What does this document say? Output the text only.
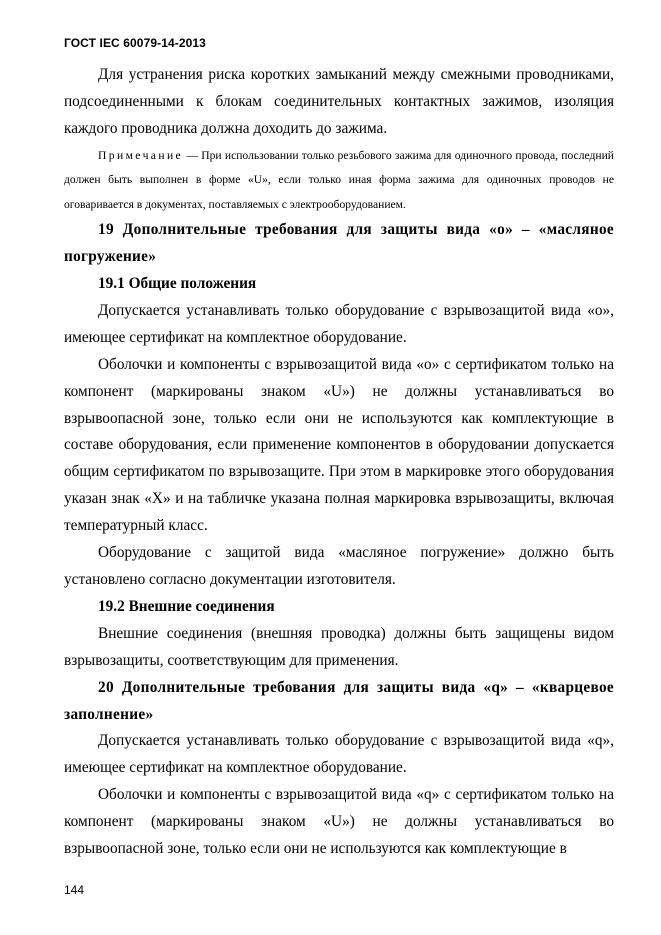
ГОСТ IEC 60079-14-2013

Для устранения риска коротких замыканий между смежными проводниками, подсоединенными к блокам соединительных контактных зажимов, изоляция каждого проводника должна доходить до зажима.

Примечание — При использовании только резьбового зажима для одиночного провода, последний должен быть выполнен в форме «U», если только иная форма зажима для одиночных проводов не оговаривается в документах, поставляемых с электрооборудованием.

19 Дополнительные требования для защиты вида «о» – «масляное погружение»

19.1 Общие положения

Допускается устанавливать только оборудование с взрывозащитой вида «о», имеющее сертификат на комплектное оборудование.

Оболочки и компоненты с взрывозащитой вида «о» с сертификатом только на компонент (маркированы знаком «U») не должны устанавливаться во взрывоопасной зоне, только если они не используются как комплектующие в составе оборудования, если применение компонентов в оборудовании допускается общим сертификатом по взрывозащите. При этом в маркировке этого оборудования указан знак «X» и на табличке указана полная маркировка взрывозащиты, включая температурный класс.

Оборудование с защитой вида «масляное погружение» должно быть установлено согласно документации изготовителя.

19.2 Внешние соединения

Внешние соединения (внешняя проводка) должны быть защищены видом взрывозащиты, соответствующим для применения.

20 Дополнительные требования для защиты вида «q» – «кварцевое заполнение»

Допускается устанавливать только оборудование с взрывозащитой вида «q», имеющее сертификат на комплектное оборудование.

Оболочки и компоненты с взрывозащитой вида «q» с сертификатом только на компонент (маркированы знаком «U») не должны устанавливаться во взрывоопасной зоне, только если они не используются как комплектующие в

144
